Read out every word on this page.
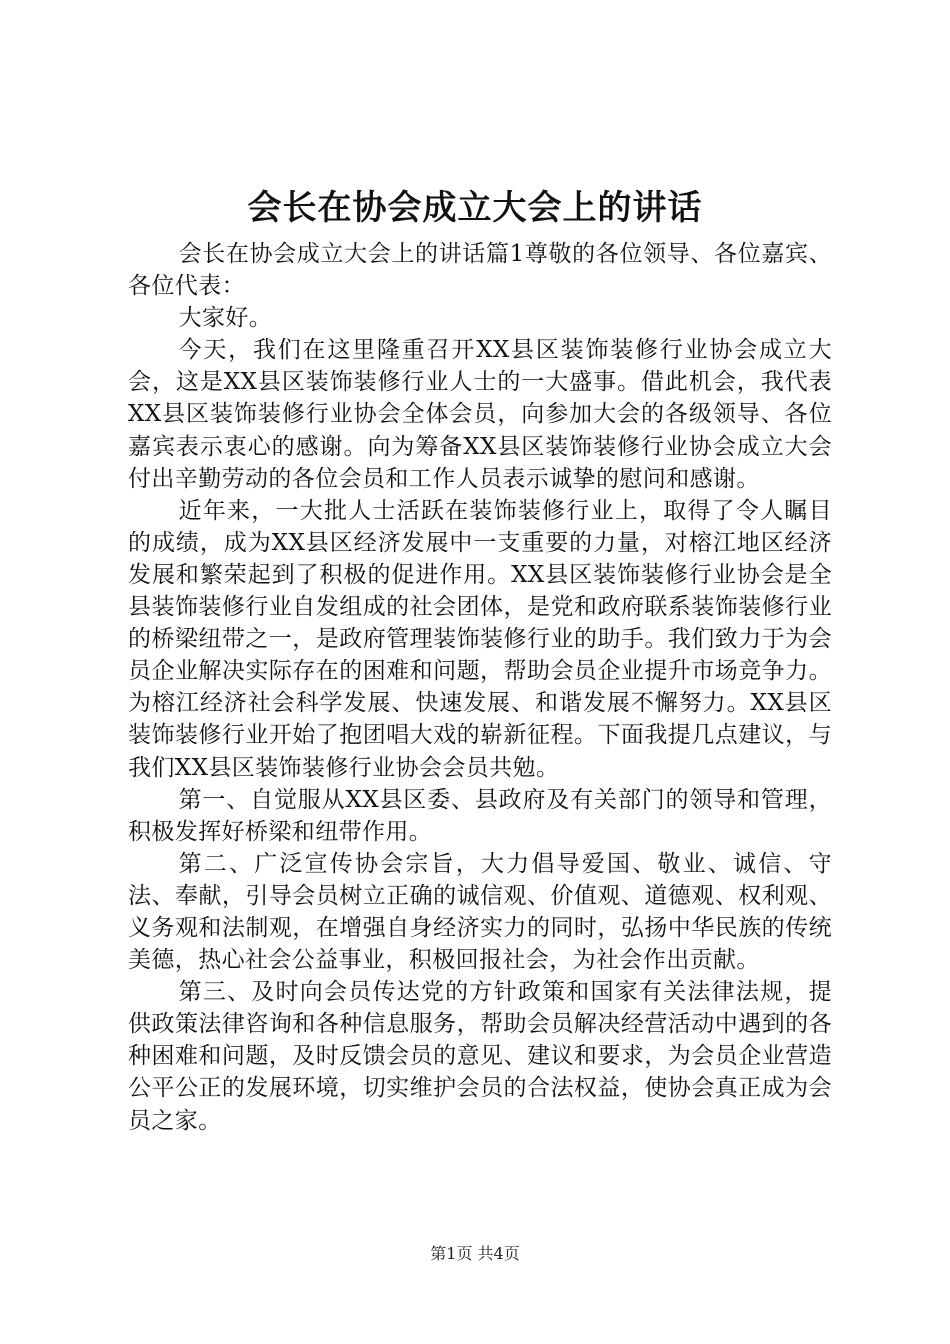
会长在协会成立大会上的讲话

会长在协会成立大会上的讲话篇1尊敬的各位领导、各位嘉宾、各位代表：

大家好。

今天，我们在这里隆重召开XX县区装饰装修行业协会成立大会，这是XX县区装饰装修行业人士的一大盛事。借此机会，我代表XX县区装饰装修行业协会全体会员，向参加大会的各级领导、各位嘉宾表示衷心的感谢。向为筹备XX县区装饰装修行业协会成立大会付出辛勤劳动的各位会员和工作人员表示诚挚的慰问和感谢。

近年来，一大批人士活跃在装饰装修行业上，取得了令人瞩目的成绩，成为XX县区经济发展中一支重要的力量，对榕江地区经济发展和繁荣起到了积极的促进作用。XX县区装饰装修行业协会是全县装饰装修行业自发组成的社会团体，是党和政府联系装饰装修行业的桥梁纽带之一，是政府管理装饰装修行业的助手。我们致力于为会员企业解决实际存在的困难和问题，帮助会员企业提升市场竞争力。为榕江经济社会科学发展、快速发展、和谐发展不懈努力。XX县区装饰装修行业开始了抱团唱大戏的崭新征程。下面我提几点建议，与我们XX县区装饰装修行业协会会员共勉。

第一、自觉服从XX县区委、县政府及有关部门的领导和管理，积极发挥好桥梁和纽带作用。

第二、广泛宣传协会宗旨，大力倡导爱国、敬业、诚信、守法、奉献，引导会员树立正确的诚信观、价值观、道德观、权利观、义务观和法制观，在增强自身经济实力的同时，弘扬中华民族的传统美德，热心社会公益事业，积极回报社会，为社会作出贡献。

第三、及时向会员传达党的方针政策和国家有关法律法规，提供政策法律咨询和各种信息服务，帮助会员解决经营活动中遇到的各种困难和问题，及时反馈会员的意见、建议和要求，为会员企业营造公平公正的发展环境，切实维护会员的合法权益，使协会真正成为会员之家。

第1页 共4页
